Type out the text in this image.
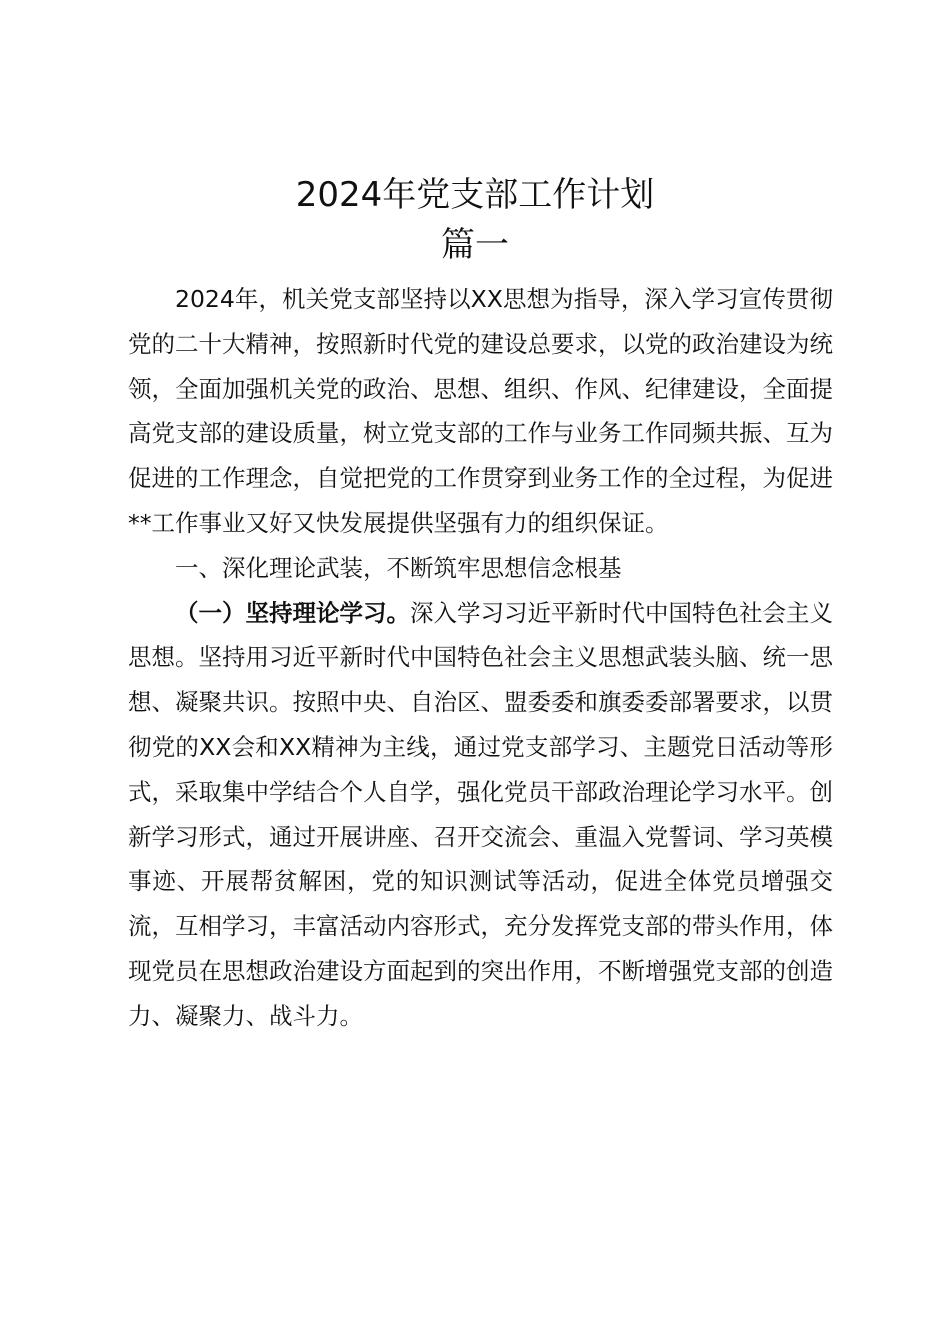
2024年党支部工作计划
篇一

2024年，机关党支部坚持以XX思想为指导，深入学习宣传贯彻党的二十大精神，按照新时代党的建设总要求，以党的政治建设为统领，全面加强机关党的政治、思想、组织、作风、纪律建设，全面提高党支部的建设质量，树立党支部的工作与业务工作同频共振、互为促进的工作理念，自觉把党的工作贯穿到业务工作的全过程，为促进**工作事业又好又快发展提供坚强有力的组织保证。

一、深化理论武装，不断筑牢思想信念根基

（一）坚持理论学习。深入学习习近平新时代中国特色社会主义思想。坚持用习近平新时代中国特色社会主义思想武装头脑、统一思想、凝聚共识。按照中央、自治区、盟委委和旗委委部署要求，以贯彻党的XX会和XX精神为主线，通过党支部学习、主题党日活动等形式，采取集中学结合个人自学，强化党员干部政治理论学习水平。创新学习形式，通过开展讲座、召开交流会、重温入党誓词、学习英模事迹、开展帮贫解困，党的知识测试等活动，促进全体党员增强交流，互相学习，丰富活动内容形式，充分发挥党支部的带头作用，体现党员在思想政治建设方面起到的突出作用，不断增强党支部的创造力、凝聚力、战斗力。
